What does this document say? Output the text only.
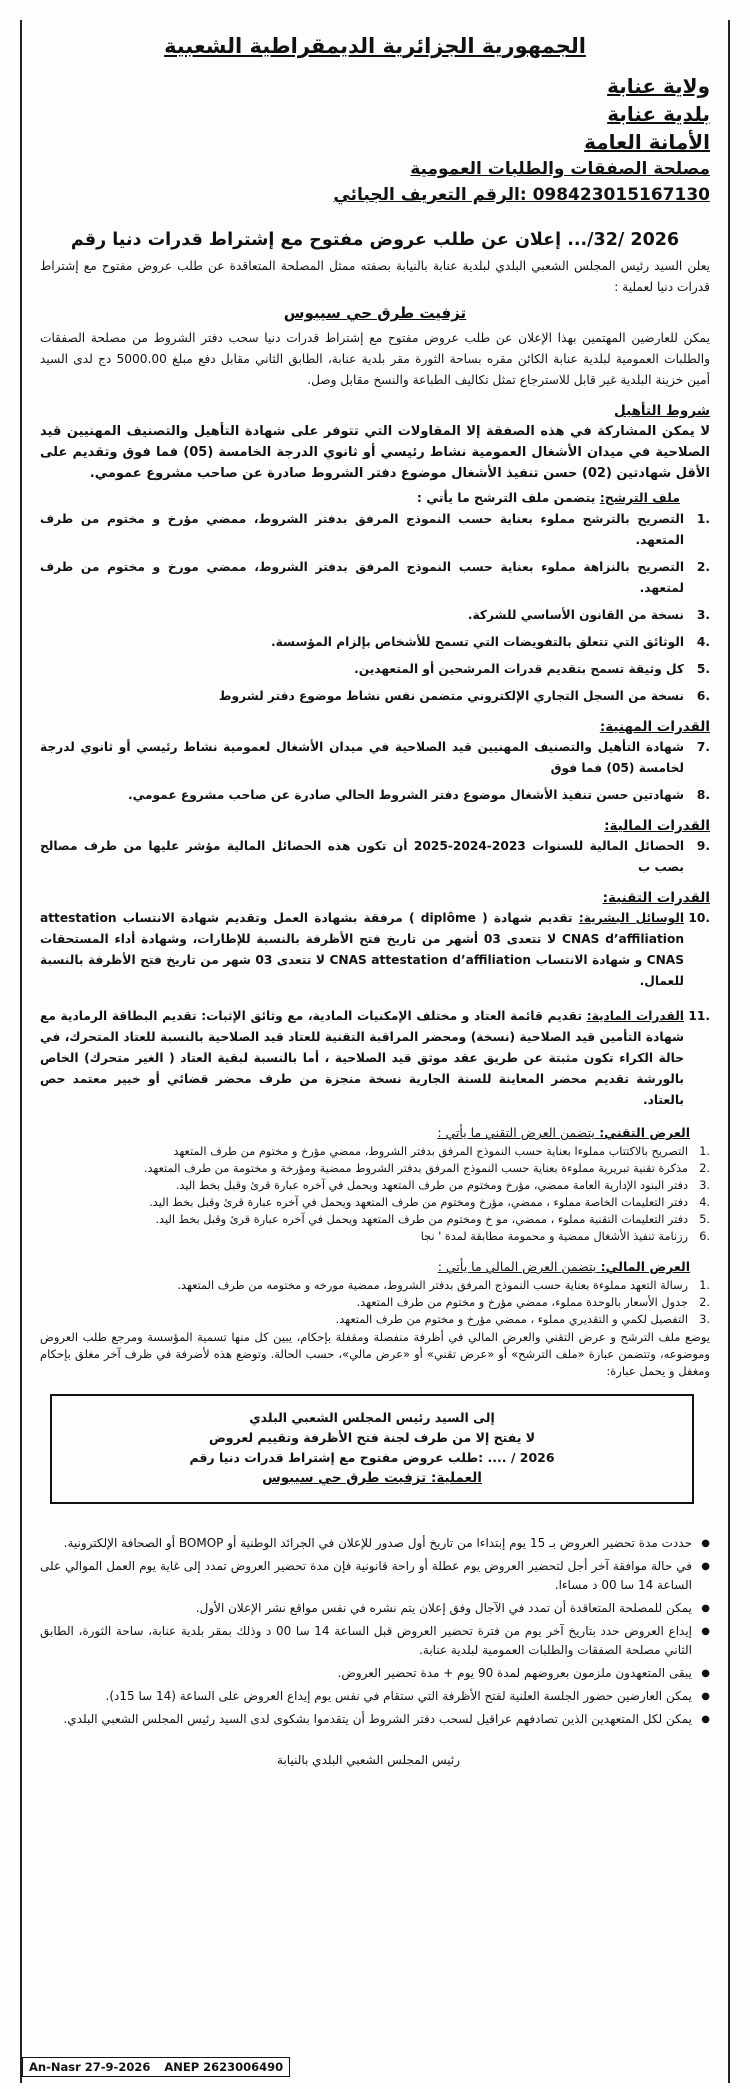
الجمهورية الجزائرية الديمقراطية الشعبية
ولاية عنابة
بلدية عنابة
الأمانة العامة
مصلحة الصفقات والطلبات العمومية
الرقم التعريف الجبائي: 098423015167130
إعلان عن طلب عروض مفتوح مع إشتراط قدرات دنيا رقم .../32/ 2026

يعلن السيد رئيس المجلس الشعبي البلدي لبلدية عنابة بالنيابة بصفته ممثل المصلحة المتعاقدة عن طلب عروض مفتوح مع إشتراط قدرات دنيا لعملية :

تزفيت طرق حي سيبوس

يمكن للعارضين المهتمين بهذا الإعلان عن طلب عروض مفتوح مع إشتراط قدرات دنيا سحب دفتر الشروط من مصلحة الصفقات والطلبات العمومية لبلدية عنابة الكائن مقره بساحة الثورة مقر بلدية عنابة، الطابق الثاني مقابل دفع مبلغ 5000.00 دج لدى السيد أمين خزينة البلدية غير قابل للاسترجاع تمثل تكاليف الطباعة والنسخ مقابل وصل.

شروط التأهيل

لا يمكن المشاركة في هذه الصفقة إلا المقاولات التي تتوفر على شهادة التأهيل والتصنيف المهنيين قيد الصلاحية في ميدان الأشغال العمومية نشاط رئيسي أو ثانوي الدرجة الخامسة (05) فما فوق وتقديم على الأقل شهادتين (02) حسن تنفيذ الأشغال موضوع دفتر الشروط صادرة عن صاحب مشروع عمومي.

ملف الترشح: يتضمن ملف الترشح ما يأتي :
1.
التصريح بالترشح مملوء بعناية حسب النموذج المرفق بدفتر الشروط، ممضي مؤرخ و مختوم من طرف المتعهد.
2.
التصريح بالنزاهة مملوء بعناية حسب النموذج المرفق بدفتر الشروط، ممضي مورخ و مختوم من طرف لمتعهد.
3.
نسخة من القانون الأساسي للشركة.
4.
الوثائق التي تتعلق بالتفويضات التي تسمح للأشخاص بإلزام المؤسسة.
5.
كل وثيقة تسمح بتقديم قدرات المرشحين أو المتعهدين.
6.
نسخة من السجل التجاري الإلكتروني متضمن نفس نشاط موضوع دفتر لشروط
القدرات المهنية:
7.
شهادة التأهيل والتصنيف المهنيين قيد الصلاحية في ميدان الأشغال لعمومية نشاط رئيسي أو ثانوي لدرجة لخامسة (05) فما فوق
8.
شهادتين حسن تنفيذ الأشغال موضوع دفتر الشروط الحالي صادرة عن صاحب مشروع عمومي.
القدرات المالية:
9.
الحصائل المالية للسنوات 2023-2024-2025 أن تكون هذه الحصائل المالية مؤشر عليها من طرف مصالح بصب ب
القدرات التقنية:
10.
الوسائل البشرية: تقديم شهادة ( diplôme ) مرفقة بشهادة العمل وتقديم شهادة الانتساب attestation CNAS d’affiliation لا تتعدى 03 أشهر من تاريخ فتح الأظرفة بالنسبة للإطارات، وشهادة أداء المستحقات CNAS و شهادة الانتساب CNAS attestation d’affiliation لا تتعدى 03 شهر من تاريخ فتح الأظرفة بالنسبة للعمال.
11.
القدرات المادية: تقديم قائمة العتاد و مختلف الإمكنيات المادية، مع وثائق الإثبات: تقديم البطاقة الرمادية مع شهادة التأمين قيد الصلاحية (نسخة) ومحضر المراقبة التقنية للعتاد قيد الصلاحية بالنسبة للعتاد المتحرك، في حالة الكراء تكون مثبتة عن طريق عقد موثق قيد الصلاحية ، أما بالنسبة لبقية العتاد ( الغير متحرك) الخاص بالورشة تقديم محضر المعاينة للسنة الجارية نسخة منجزة من طرف محضر قضائي أو خبير معتمد حص بالعتاد.
العرض التقني: يتضمن العرض التقني ما يأتي :
1.
التصريح بالاكتتاب مملوءا بعناية حسب النموذج المرفق بدفتر الشروط، ممضي مؤرخ و مختوم من طرف المتعهد
2.
مذكرة تقنية تبريرية مملوءة بعناية حسب النموذج المرفق بدفتر الشروط ممضية ومؤرخة و مختومة من طرف المتعهد.
3.
دفتر البنود الإدارية العامة ممضي، مؤرخ ومختوم من طرف المتعهد ويحمل في آخره عبارة قرئ وقبل بخط اليد.
4.
دفتر التعليمات الخاصة مملوء ، ممضي، مؤرخ ومختوم من طرف المتعهد ويحمل في آخره عبارة قرئ وقبل بخط اليد.
5.
دفتر التعليمات التقنية مملوء ، ممضي، مو خ ومختوم من طرف المتعهد ويحمل في آخره عبارة قرئ وقبل بخط اليد.
6.
رزنامة تنفيذ الأشغال ممضية و محمومة مطابقة لمدة ' نجا
العرض المالي: يتضمن العرض المالي ما يأتي :
1.
رسالة التعهد مملوءة بعناية حسب النموذج المرفق بدفتر الشروط، ممضية مورخه و مختومه من طرف المتعهد.
2.
جدول الأسعار بالوحدة مملوء، ممضي مؤرخ و مختوم من طرف المتعهد.
3.
التفصيل لكمي و التقديري مملوء ، ممضي مؤرخ و مختوم من طرف المتعهد.

يوضع ملف الترشح و عرض التقني والعرض المالي في أظرفة منفصلة ومقفلة بإحكام، يبين كل منها تسمية المؤسسة ومرجع طلب العروض وموضوعه، وتتضمن عبارة «ملف الترشح» أو «عرض تقني» أو «عرض مالي»، حسب الحالة. وتوضع هذه لأضرفة في ظرف آخر مغلق بإحكام ومغفل و يحمل عبارة:

إلى السيد رئيس المجلس الشعبي البلدي
لا يفتح إلا من طرف لجنة فتح الأظرفة وتقييم لعروض
طلب عروض مفتوح مع إشتراط قدرات دنيا رقم: .... / 2026
العملية: تزفيت طرق حي سيبوس
● حددت مدة تحضير العروض بـ 15 يوم إبتداءا من تاريخ أول صدور للإعلان في الجرائد الوطنية أو BOMOP أو الصحافة الإلكترونية.
● في حالة موافقة آخر أجل لتحضير العروض يوم عطلة أو راحة قانونية فإن مدة تحضير العروض تمدد إلى غاية يوم العمل الموالي على الساعة 14 سا 00 د مساءا.
● يمكن للمصلحة المتعاقدة أن تمدد في الآجال وفق إعلان يتم نشره في نفس مواقع نشر الإعلان الأول.
● إيداع العروض حدد بتاريخ آخر يوم من فترة تحضير العروض قبل الساعة 14 سا 00 د وذلك بمقر بلدية عنابة، ساحة الثورة، الطابق الثاني مصلحة الصفقات والطلبات العمومية لبلدية عنابة.
● يبقى المتعهدون ملزمون بعروضهم لمدة 90 يوم + مدة تحضير العروض.
● يمكن العارضين حضور الجلسة العلنية لفتح الأظرفة التي ستقام في نفس يوم إيداع العروض على الساعة (14 سا 15د).
● يمكن لكل المتعهدين الذين تصادفهم عراقيل لسحب دفتر الشروط أن يتقدموا بشكوى لدى السيد رئيس المجلس الشعبي البلدي.
رئيس المجلس الشعبي البلدي بالنيابة
An-Nasr 27-9-2026 ANEP 2623006490
